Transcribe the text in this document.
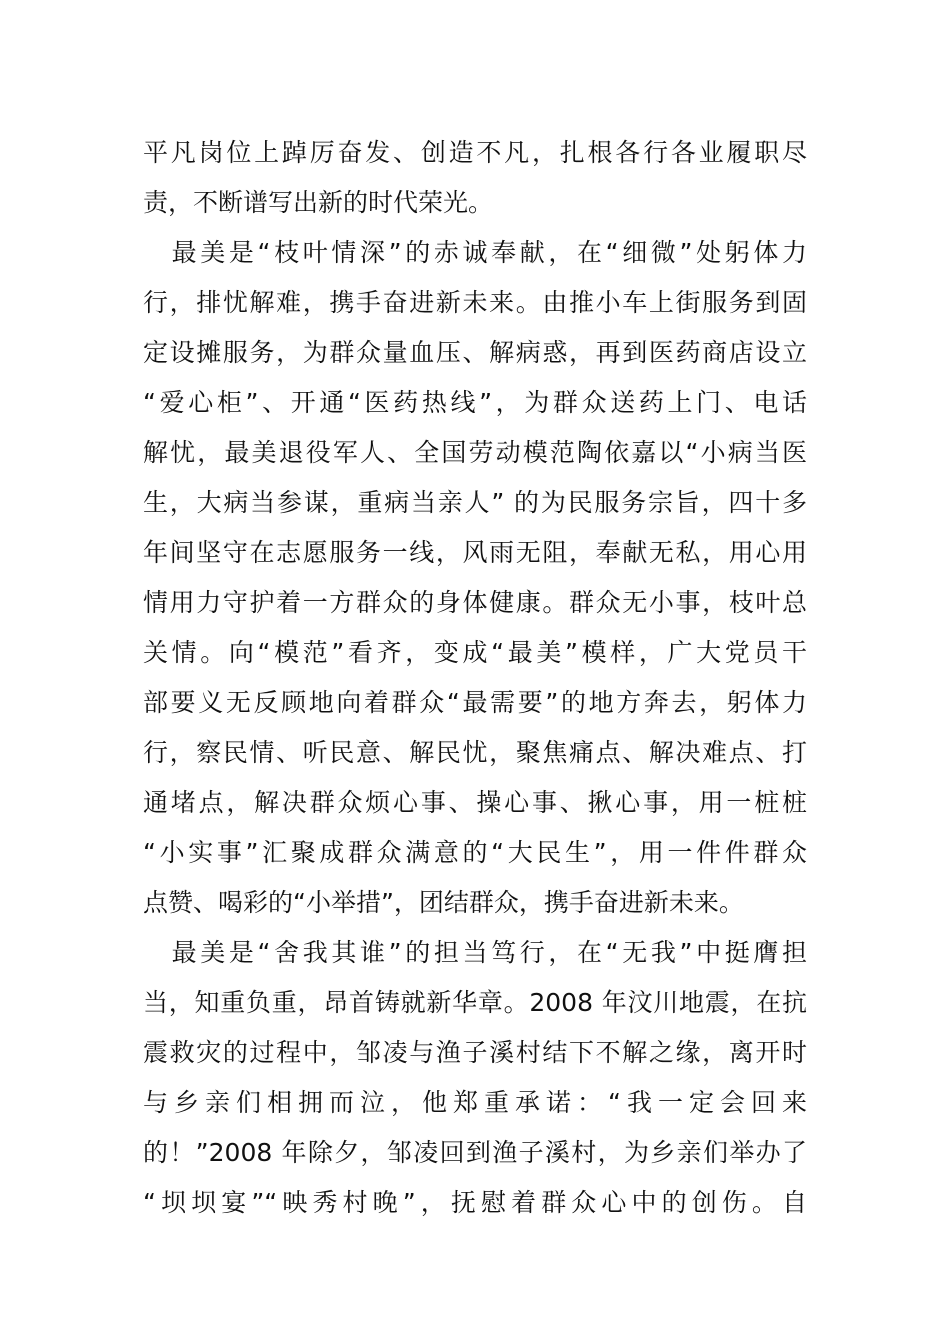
平凡岗位上踔厉奋发、创造不凡，扎根各行各业履职尽
责，不断谱写出新的时代荣光。
　最美是“枝叶情深”的赤诚奉献，在“细微”处躬体力
行，排忧解难，携手奋进新未来。由推小车上街服务到固
定设摊服务，为群众量血压、解病惑，再到医药商店设立
“爱心柜”、开通“医药热线”，为群众送药上门、电话
解忧，最美退役军人、全国劳动模范陶依嘉以“小病当医
生，大病当参谋，重病当亲人” 的为民服务宗旨，四十多
年间坚守在志愿服务一线，风雨无阻，奉献无私，用心用
情用力守护着一方群众的身体健康。群众无小事，枝叶总
关情。向“模范”看齐，变成“最美”模样，广大党员干
部要义无反顾地向着群众“最需要”的地方奔去，躬体力
行，察民情、听民意、解民忧，聚焦痛点、解决难点、打
通堵点，解决群众烦心事、操心事、揪心事，用一桩桩
“小实事”汇聚成群众满意的“大民生”，用一件件群众
点赞、喝彩的“小举措”，团结群众，携手奋进新未来。
　最美是“舍我其谁”的担当笃行，在“无我”中挺膺担
当，知重负重，昂首铸就新华章。2008 年汶川地震，在抗
震救灾的过程中，邹凌与渔子溪村结下不解之缘，离开时
与乡亲们相拥而泣，他郑重承诺：“我一定会回来
的！”2008 年除夕，邹凌回到渔子溪村，为乡亲们举办了
“坝坝宴”“映秀村晚”，抚慰着群众心中的创伤。自
